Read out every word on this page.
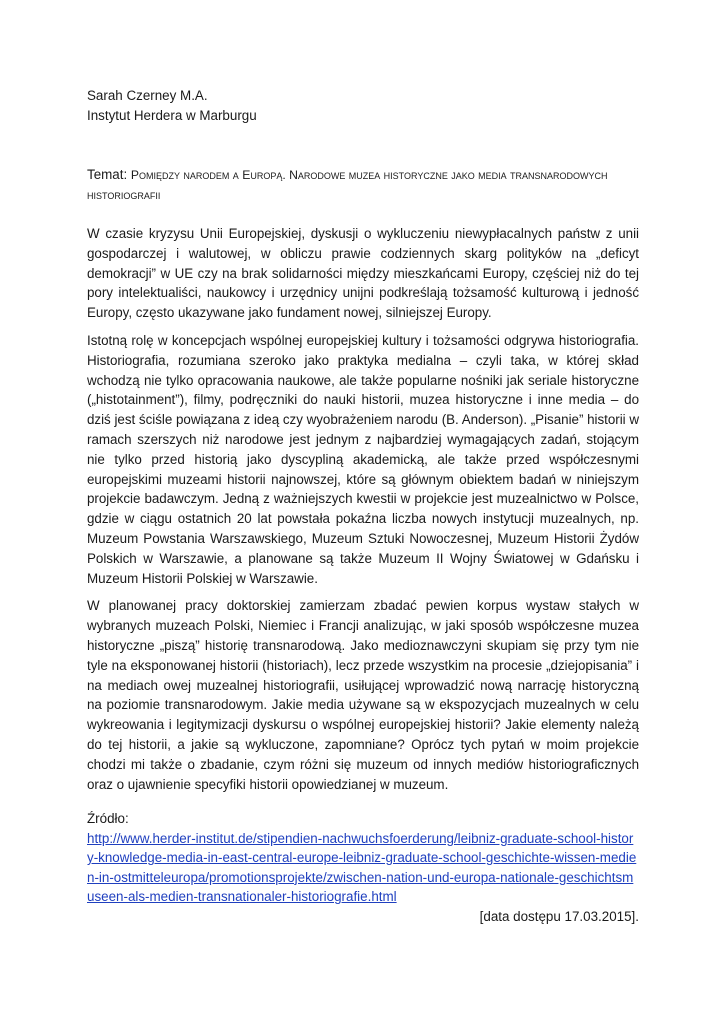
Sarah Czerney M.A.
Instytut Herdera w Marburgu
Temat: Pomiędzy narodem a Europą. Narodowe muzea historyczne jako media transnarodowych historiografii

W czasie kryzysu Unii Europejskiej, dyskusji o wykluczeniu niewypłacalnych państw z unii gospodarczej i walutowej, w obliczu prawie codziennych skarg polityków na „deficyt demokracji” w UE czy na brak solidarności między mieszkańcami Europy, częściej niż do tej pory intelektualiści, naukowcy i urzędnicy unijni podkreślają tożsamość kulturową i jedność Europy, często ukazywane jako fundament nowej, silniejszej Europy.

Istotną rolę w koncepcjach wspólnej europejskiej kultury i tożsamości odgrywa historiografia. Historiografia, rozumiana szeroko jako praktyka medialna – czyli taka, w której skład wchodzą nie tylko opracowania naukowe, ale także popularne nośniki jak seriale historyczne („histotainment”), filmy, podręczniki do nauki historii, muzea historyczne i inne media – do dziś jest ściśle powiązana z ideą czy wyobrażeniem narodu (B. Anderson). „Pisanie” historii w ramach szerszych niż narodowe jest jednym z najbardziej wymagających zadań, stojącym nie tylko przed historią jako dyscypliną akademicką, ale także przed współczesnymi europejskimi muzeami historii najnowszej, które są głównym obiektem badań w niniejszym projekcie badawczym. Jedną z ważniejszych kwestii w projekcie jest muzealnictwo w Polsce, gdzie w ciągu ostatnich 20 lat powstała pokaźna liczba nowych instytucji muzealnych, np. Muzeum Powstania Warszawskiego, Muzeum Sztuki Nowoczesnej, Muzeum Historii Żydów Polskich w Warszawie, a planowane są także Muzeum II Wojny Światowej w Gdańsku i Muzeum Historii Polskiej w Warszawie.

W planowanej pracy doktorskiej zamierzam zbadać pewien korpus wystaw stałych w wybranych muzeach Polski, Niemiec i Francji analizując, w jaki sposób współczesne muzea historyczne „piszą” historię transnarodową. Jako medioznawczyni skupiam się przy tym nie tyle na eksponowanej historii (historiach), lecz przede wszystkim na procesie „dziejopisania” i na mediach owej muzealnej historiografii, usiłującej wprowadzić nową narrację historyczną na poziomie transnarodowym. Jakie media używane są w ekspozycjach muzealnych w celu wykreowania i legitymizacji dyskursu o wspólnej europejskiej historii? Jakie elementy należą do tej historii, a jakie są wykluczone, zapomniane? Oprócz tych pytań w moim projekcie chodzi mi także o zbadanie, czym różni się muzeum od innych mediów historiograficznych oraz o ujawnienie specyfiki historii opowiedzianej w muzeum.

Źródło:
http://www.herder-institut.de/stipendien-nachwuchsfoerderung/leibniz-graduate-school-history-knowledge-media-in-east-central-europe-leibniz-graduate-school-geschichte-wissen-medien-in-ostmitteleuropa/promotionsprojekte/zwischen-nation-und-europa-nationale-geschichtsmuseen-als-medien-transnationaler-historiografie.html
[data dostępu 17.03.2015].
